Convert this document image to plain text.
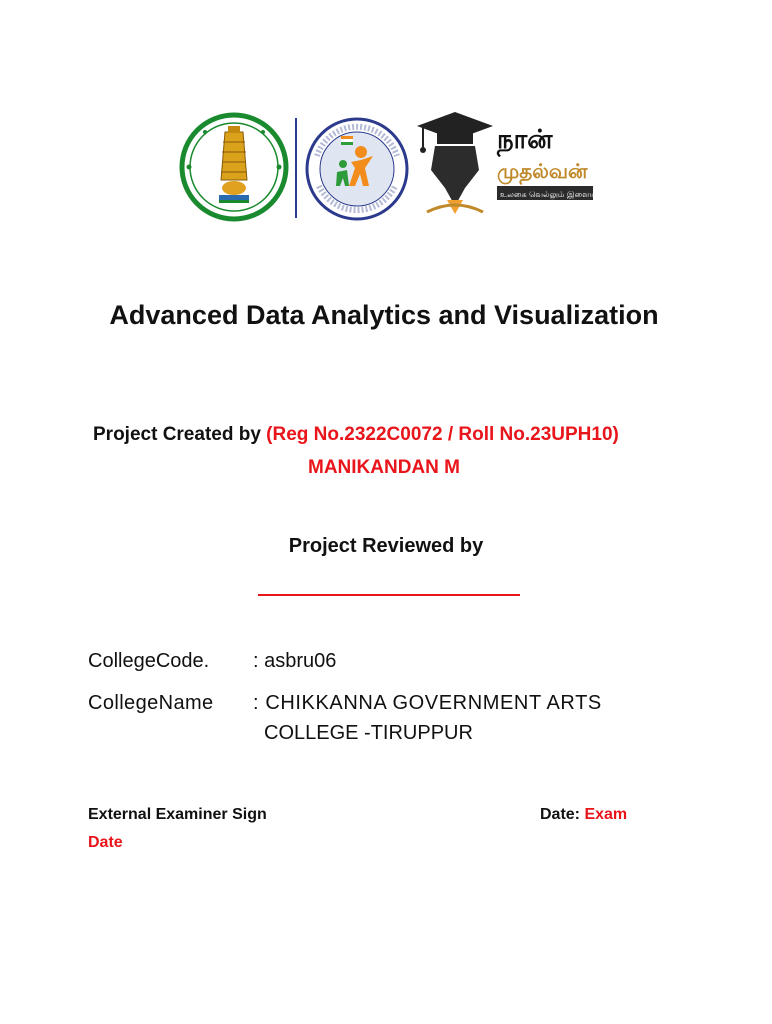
நான்
முதல்வன்
உலகை வெல்லும் இளைய தமிழகம்
Advanced Data Analytics and Visualization
Project Created by (Reg No.2322C0072 / Roll No.23UPH10)
MANIKANDAN M
Project Reviewed by
CollegeCode. : asbru06
CollegeName : CHIKKANNA GOVERNMENT ARTS
COLLEGE -TIRUPPUR
External Examiner Sign	Date: Exam
Date
